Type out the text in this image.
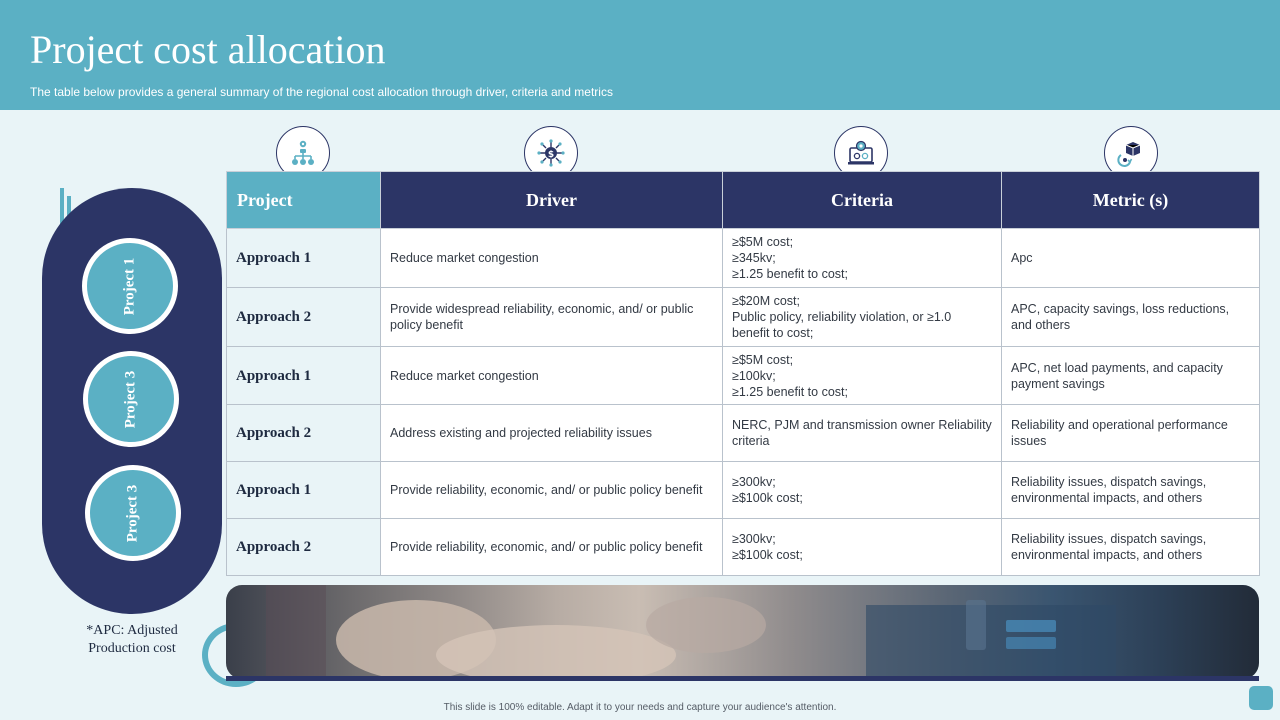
Project cost allocation

The table below provides a general summary of the regional cost allocation through driver, criteria and metrics

Project 1
Project 3
Project 3
*APC: Adjusted Production cost
$
Project	Driver	Criteria	Metric (s)
Approach 1	Reduce market congestion	≥$5M cost;
≥345kv;
≥1.25 benefit to cost;	Apc
Approach 2	Provide widespread reliability, economic, and/ or public policy benefit	≥$20M cost;
Public policy, reliability violation, or ≥1.0 benefit to cost;	APC, capacity savings, loss reductions, and others
Approach 1	Reduce market congestion	≥$5M cost;
≥100kv;
≥1.25 benefit to cost;	APC, net load payments, and capacity payment savings
Approach 2	Address existing and projected reliability issues	NERC, PJM and transmission owner Reliability criteria	Reliability and operational performance issues
Approach 1	Provide reliability, economic, and/ or public policy benefit	≥300kv;
≥$100k cost;	Reliability issues, dispatch savings, environmental impacts, and others
Approach 2	Provide reliability, economic, and/ or public policy benefit	≥300kv;
≥$100k cost;	Reliability issues, dispatch savings, environmental impacts, and others
This slide is 100% editable. Adapt it to your needs and capture your audience's attention.
